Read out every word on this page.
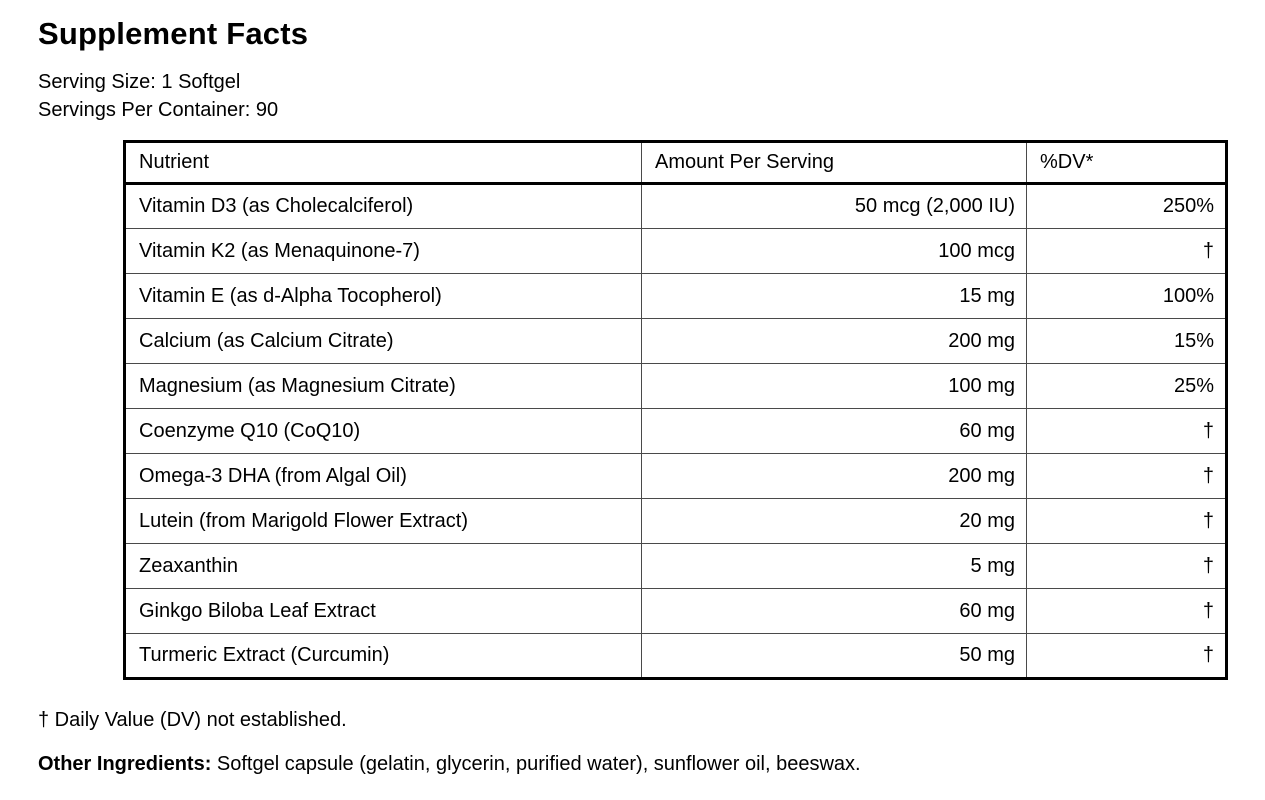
Supplement Facts
Serving Size: 1 Softgel
Servings Per Container: 90
Nutrient	Amount Per Serving	%DV*
Vitamin D3 (as Cholecalciferol)	50 mcg (2,000 IU)	250%
Vitamin K2 (as Menaquinone-7)	100 mcg	†
Vitamin E (as d-Alpha Tocopherol)	15 mg	100%
Calcium (as Calcium Citrate)	200 mg	15%
Magnesium (as Magnesium Citrate)	100 mg	25%
Coenzyme Q10 (CoQ10)	60 mg	†
Omega-3 DHA (from Algal Oil)	200 mg	†
Lutein (from Marigold Flower Extract)	20 mg	†
Zeaxanthin	5 mg	†
Ginkgo Biloba Leaf Extract	60 mg	†
Turmeric Extract (Curcumin)	50 mg	†
† Daily Value (DV) not established.
Other Ingredients: Softgel capsule (gelatin, glycerin, purified water), sunflower oil, beeswax.
